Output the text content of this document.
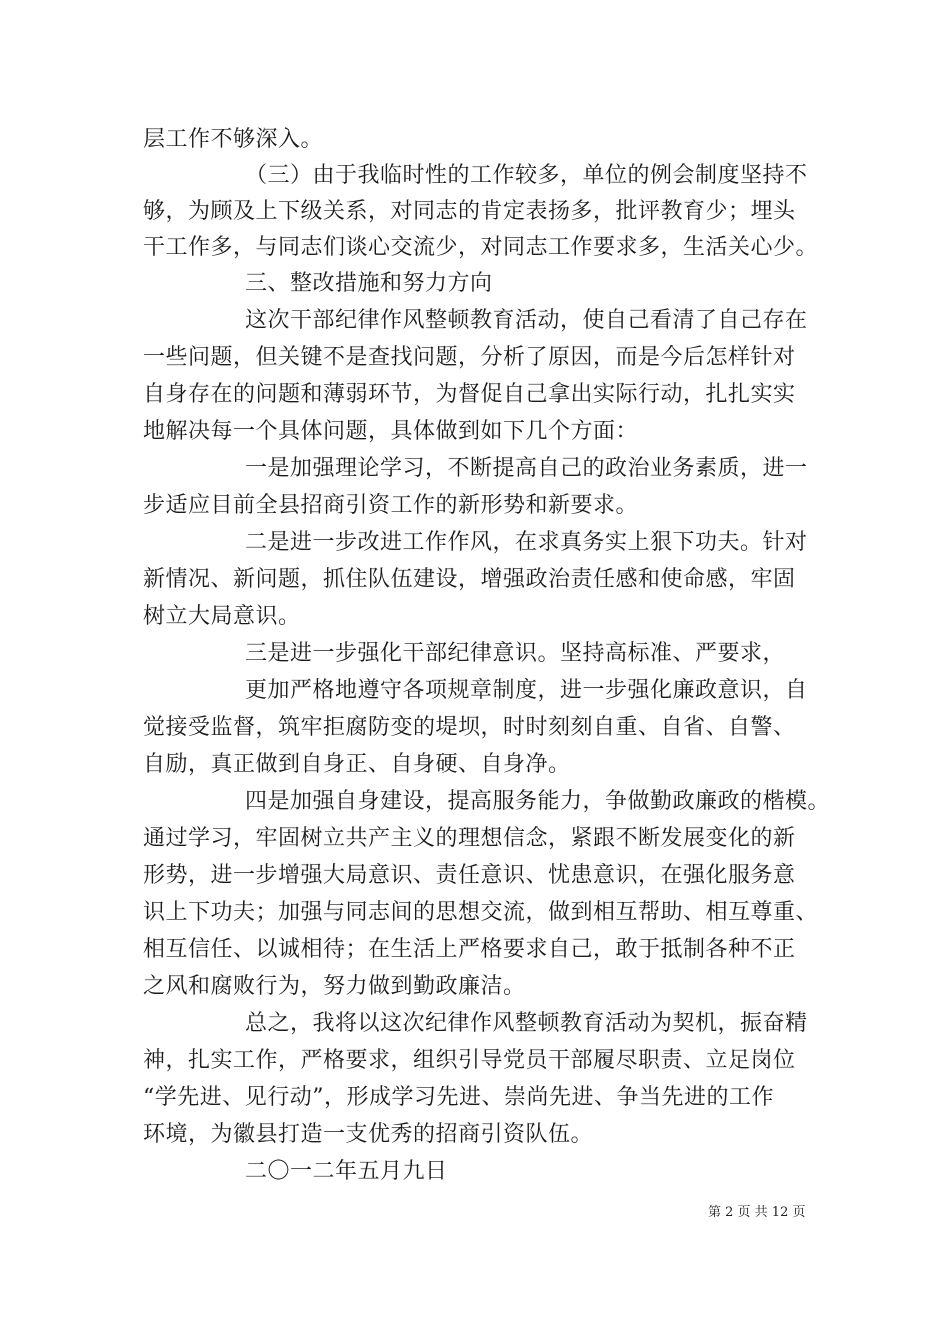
层工作不够深入。
（三）由于我临时性的工作较多，单位的例会制度坚持不
够，为顾及上下级关系，对同志的肯定表扬多，批评教育少；埋头
干工作多，与同志们谈心交流少，对同志工作要求多，生活关心少。
三、整改措施和努力方向
这次干部纪律作风整顿教育活动，使自己看清了自己存在
一些问题，但关键不是查找问题，分析了原因，而是今后怎样针对
自身存在的问题和薄弱环节，为督促自己拿出实际行动，扎扎实实
地解决每一个具体问题，具体做到如下几个方面：
一是加强理论学习，不断提高自己的政治业务素质，进一
步适应目前全县招商引资工作的新形势和新要求。
二是进一步改进工作作风，在求真务实上狠下功夫。针对
新情况、新问题，抓住队伍建设，增强政治责任感和使命感，牢固
树立大局意识。
三是进一步强化干部纪律意识。坚持高标准、严要求，
更加严格地遵守各项规章制度，进一步强化廉政意识，自
觉接受监督，筑牢拒腐防变的堤坝，时时刻刻自重、自省、自警、
自励，真正做到自身正、自身硬、自身净。
四是加强自身建设，提高服务能力，争做勤政廉政的楷模。
通过学习，牢固树立共产主义的理想信念，紧跟不断发展变化的新
形势，进一步增强大局意识、责任意识、忧患意识，在强化服务意
识上下功夫；加强与同志间的思想交流，做到相互帮助、相互尊重、
相互信任、以诚相待；在生活上严格要求自己，敢于抵制各种不正
之风和腐败行为，努力做到勤政廉洁。
总之，我将以这次纪律作风整顿教育活动为契机，振奋精
神，扎实工作，严格要求，组织引导党员干部履尽职责、立足岗位
“学先进、见行动”，形成学习先进、崇尚先进、争当先进的工作
环境，为徽县打造一支优秀的招商引资队伍。
二〇一二年五月九日
第 2 页 共 12 页
